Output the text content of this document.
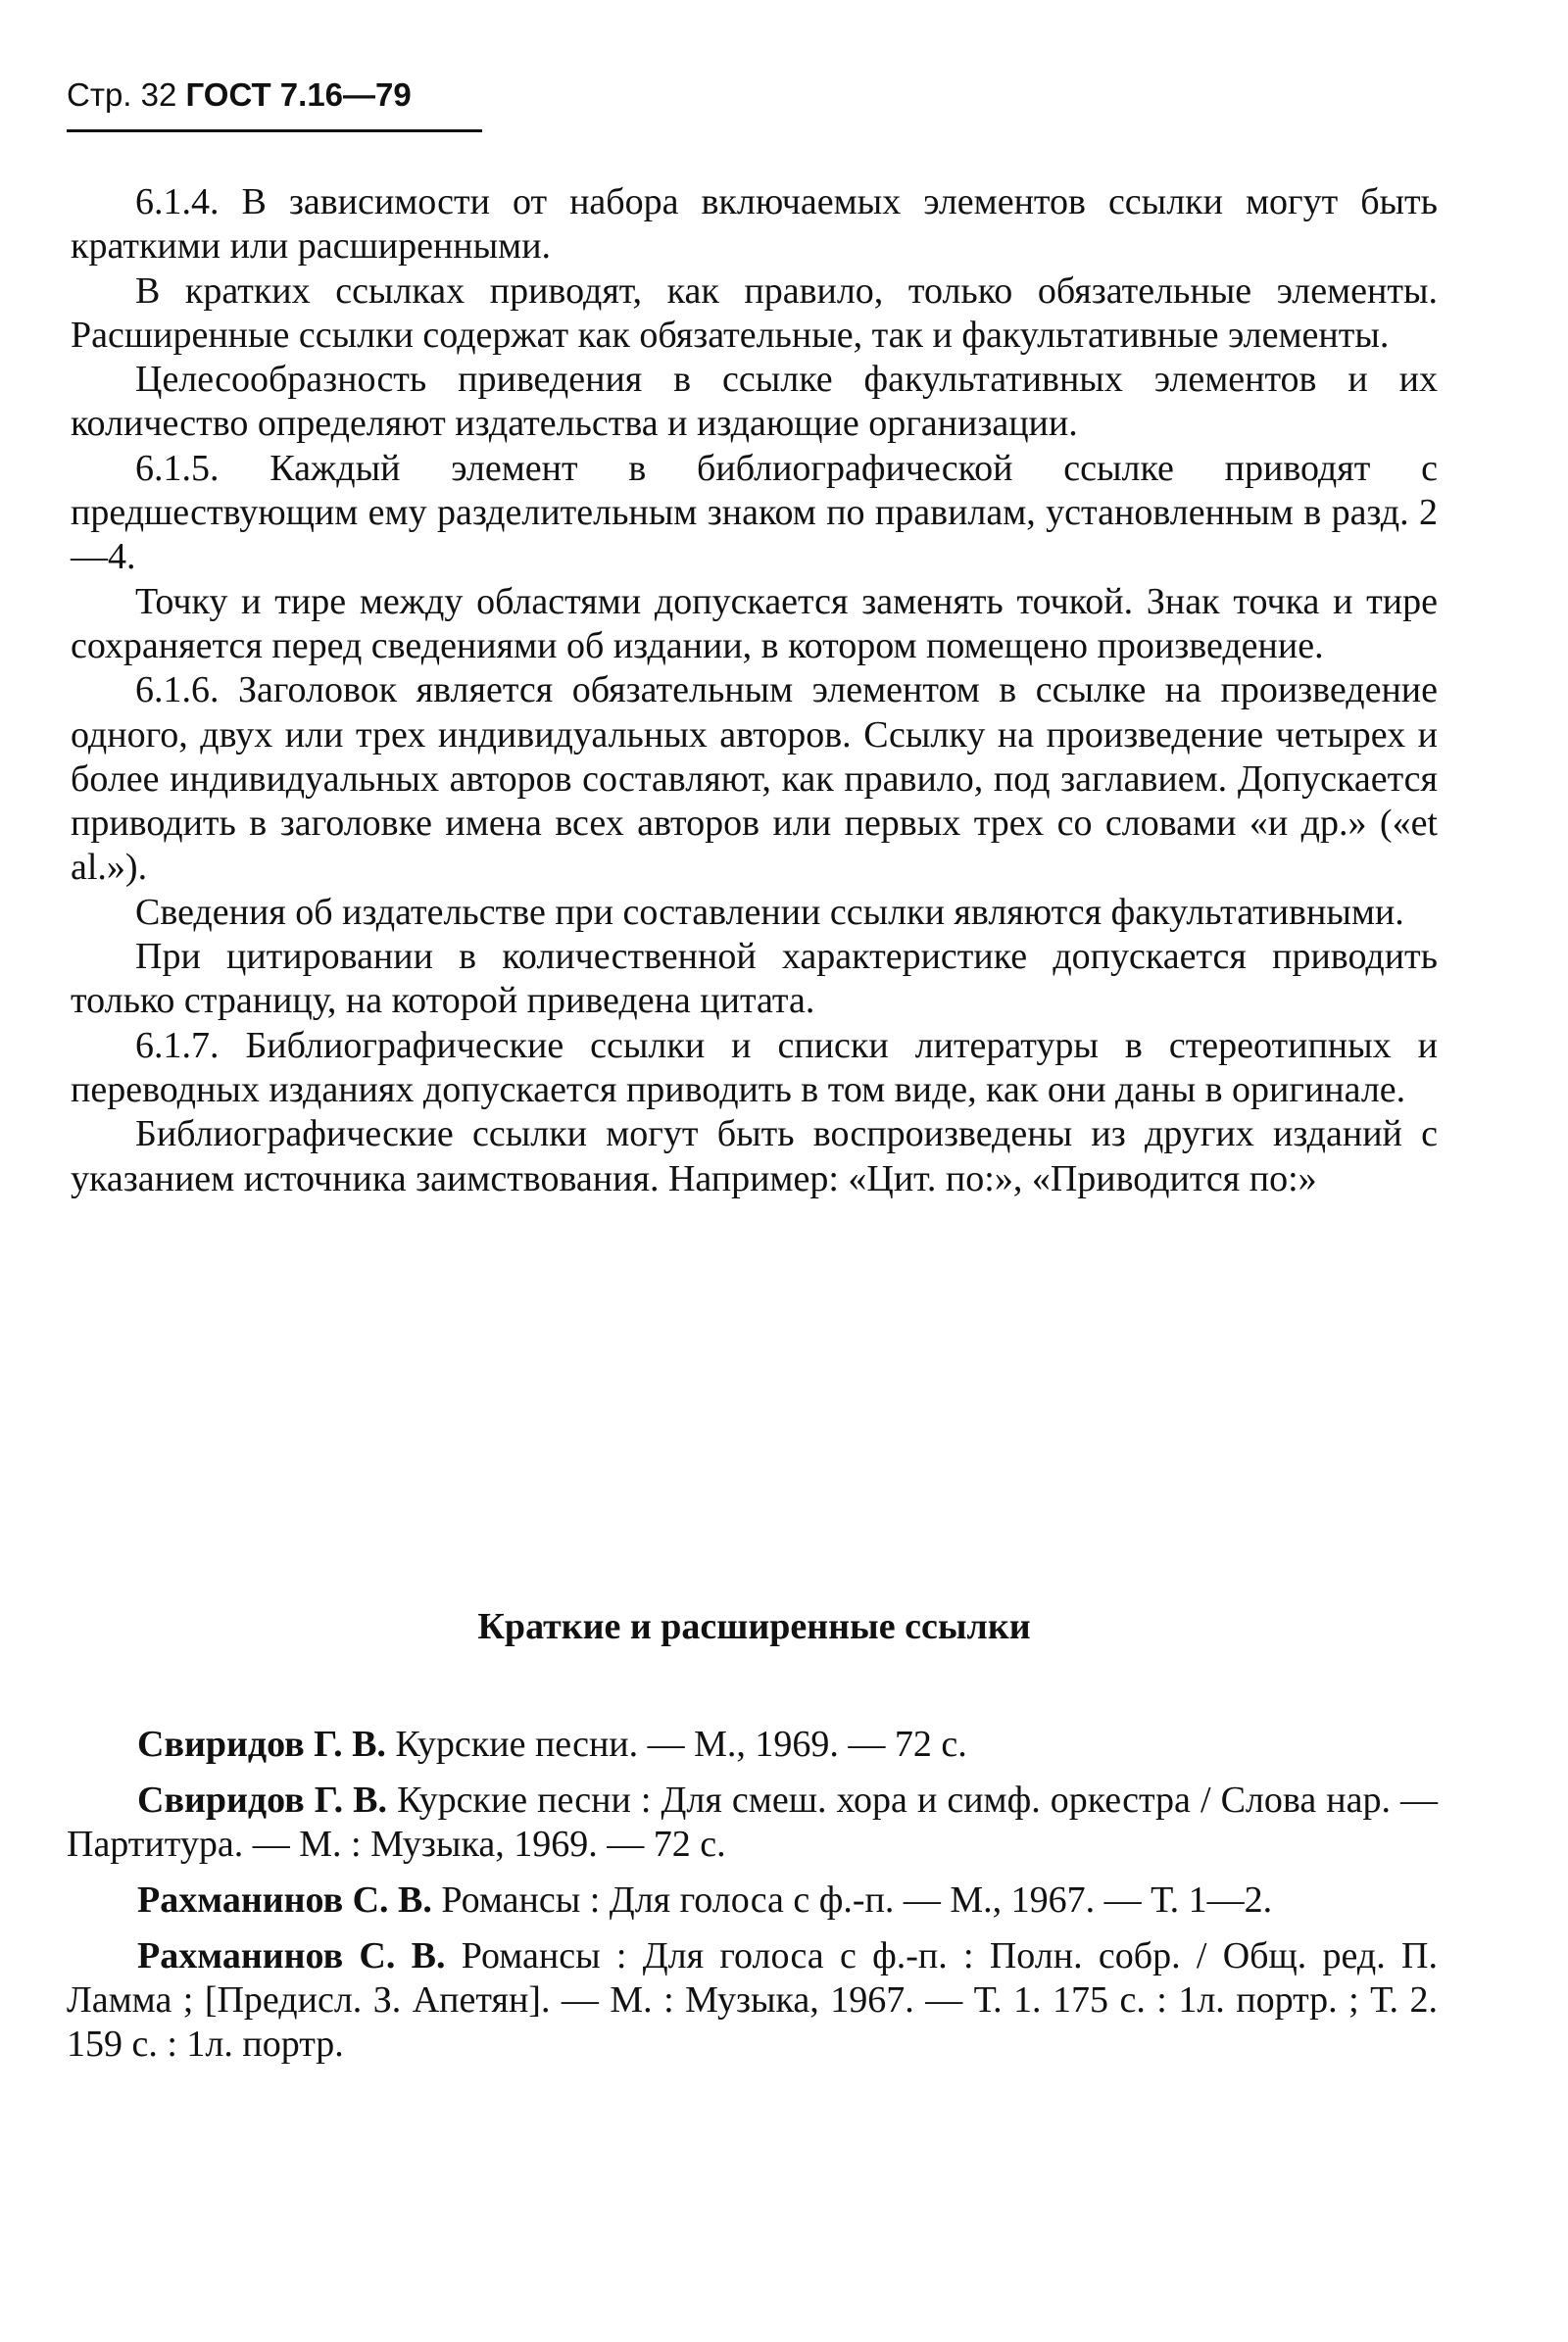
Стр. 32 ГОСТ 7.16—79

6.1.4. В зависимости от набора включаемых элементов ссылки могут быть краткими или расширенными.

В кратких ссылках приводят, как правило, только обязательные элементы. Расширенные ссылки содержат как обязательные, так и факультативные элементы.

Целесообразность приведения в ссылке факультативных элементов и их количество определяют издательства и издающие организации.

6.1.5. Каждый элемент в библиографической ссылке приводят с предшествующим ему разделительным знаком по правилам, установленным в разд. 2—4.

Точку и тире между областями допускается заменять точкой. Знак точка и тире сохраняется перед сведениями об издании, в котором помещено произведение.

6.1.6. Заголовок является обязательным элементом в ссылке на произведение одного, двух или трех индивидуальных авторов. Ссылку на произведение четырех и более индивидуальных авторов составляют, как правило, под заглавием. Допускается приводить в заголовке имена всех авторов или первых трех со словами «и др.» («et al.»).

Сведения об издательстве при составлении ссылки являются факультативными.

При цитировании в количественной характеристике допускается приводить только страницу, на которой приведена цитата.

6.1.7. Библиографические ссылки и списки литературы в стереотипных и переводных изданиях допускается приводить в том виде, как они даны в оригинале.

Библиографические ссылки могут быть воспроизведены из других изданий с указанием источника заимствования. Например: «Цит. по:», «Приводится по:»

Краткие и расширенные ссылки

Свиридов Г. В. Курские песни. — М., 1969. — 72 с.

Свиридов Г. В. Курские песни : Для смеш. хора и симф. оркестра / Слова нар. — Партитура. — М. : Музыка, 1969. — 72 с.

Рахманинов С. В. Романсы : Для голоса с ф.-п. — М., 1967. — Т. 1—2.

Рахманинов С. В. Романсы : Для голоса с ф.-п. : Полн. собр. / Общ. ред. П. Ламма ; [Предисл. З. Апетян]. — М. : Музыка, 1967. — Т. 1. 175 с. : 1л. портр. ; Т. 2. 159 с. : 1л. портр.
